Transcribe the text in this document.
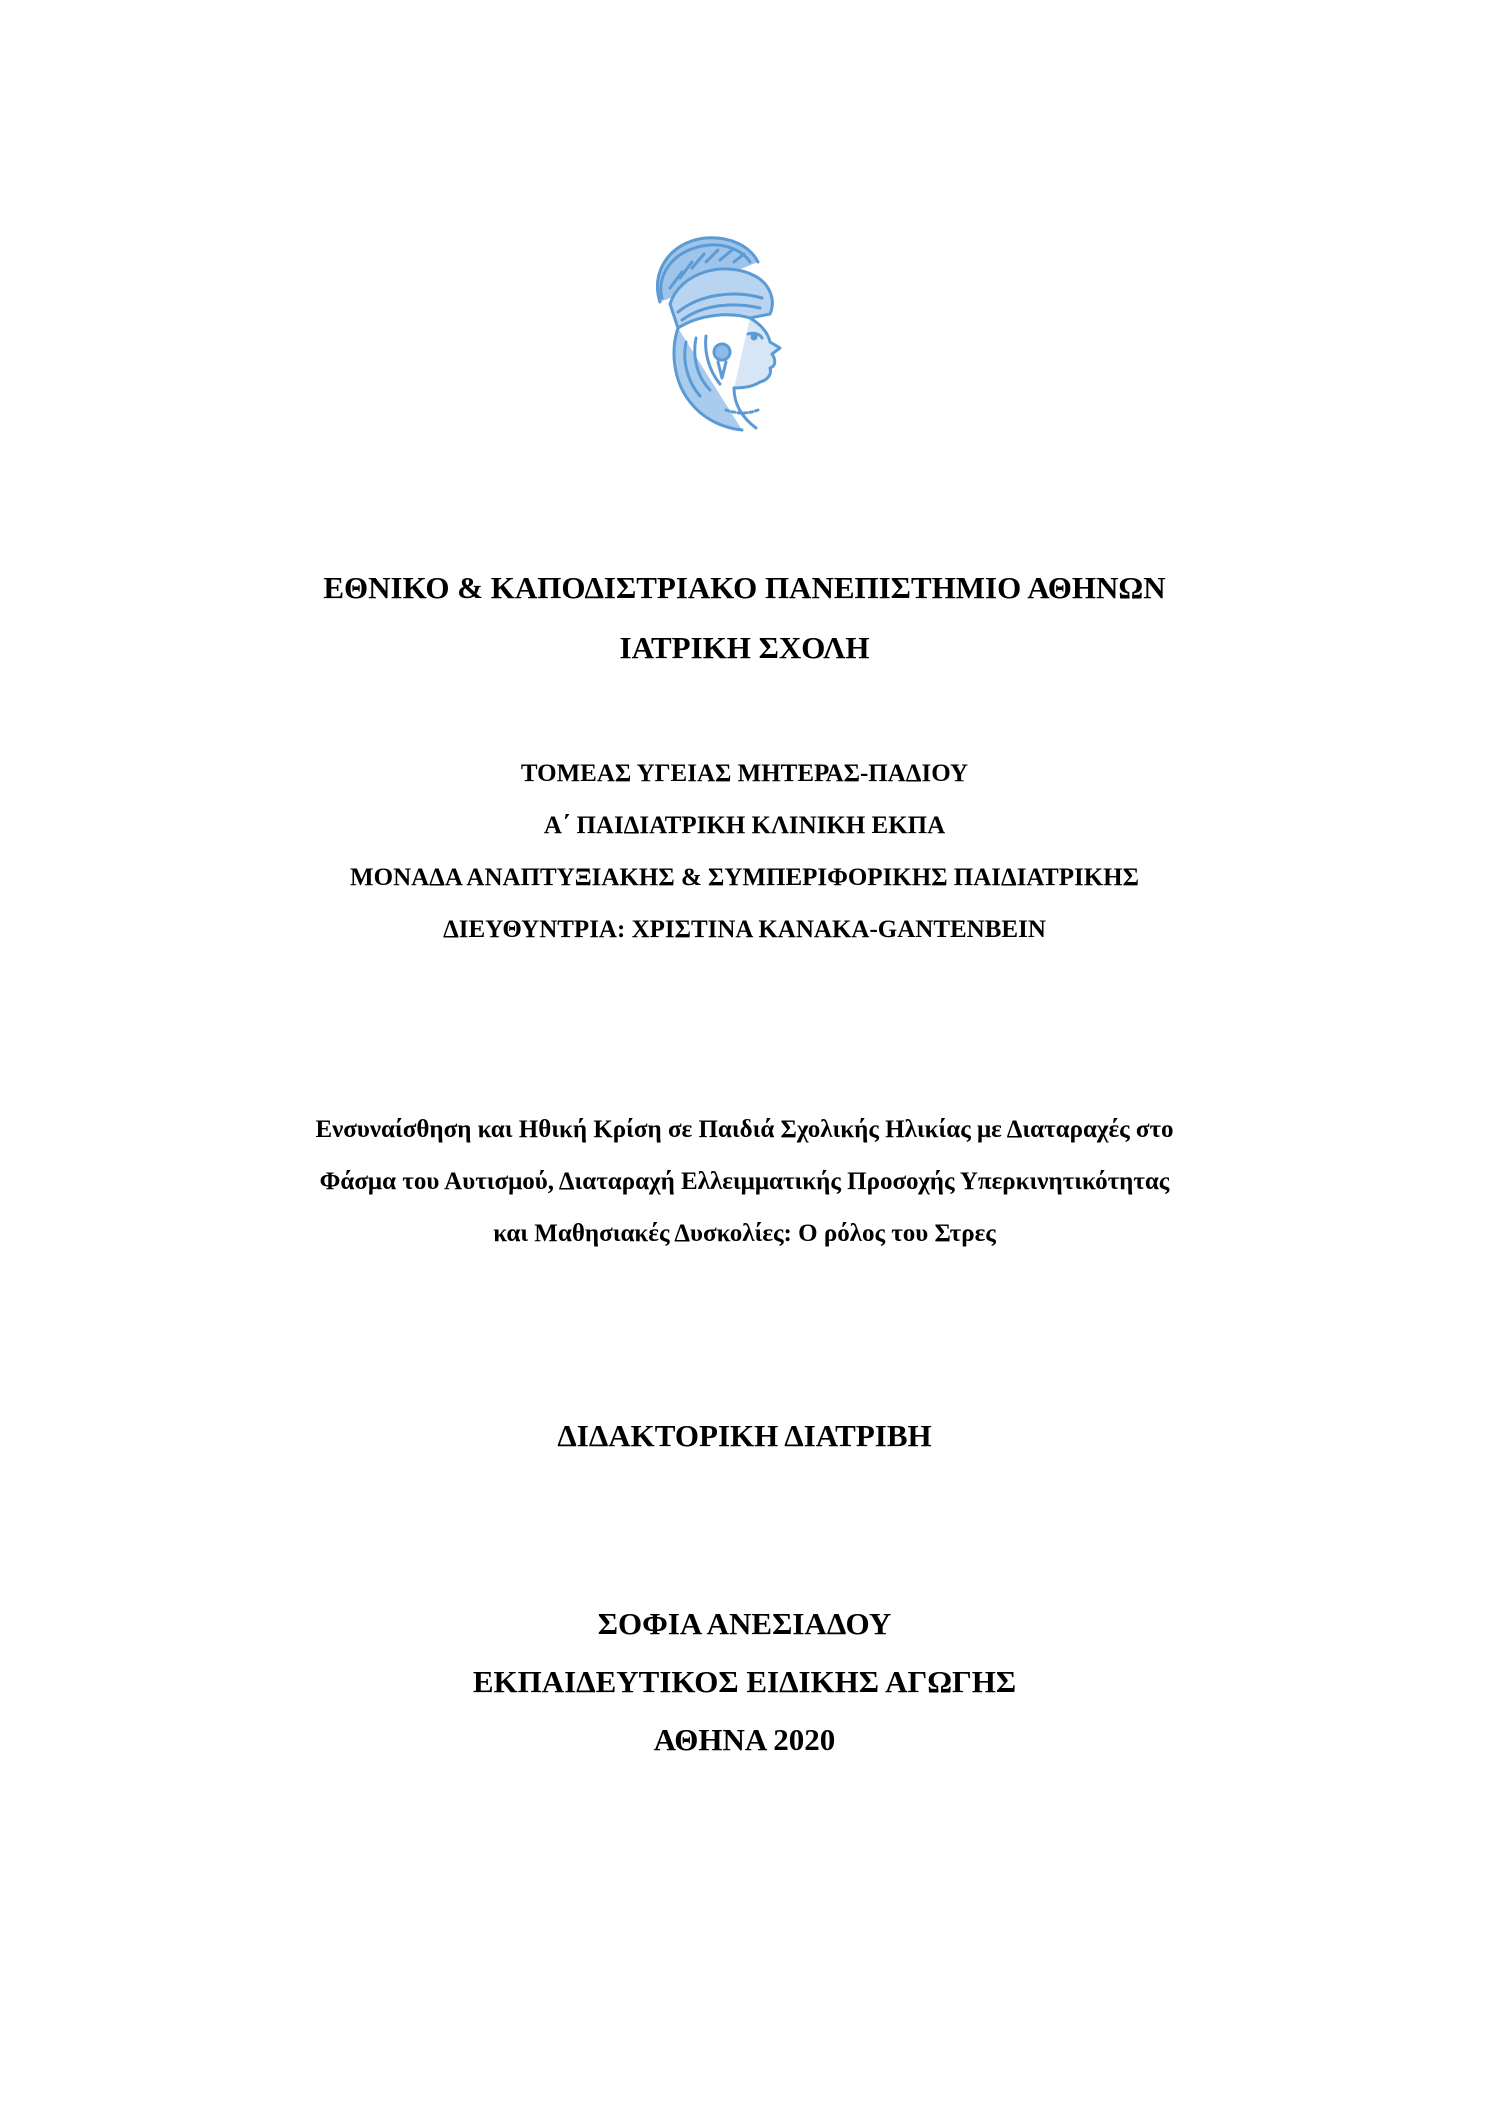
ΕΘΝΙΚΟ & ΚΑΠΟΔΙΣΤΡΙΑΚΟ ΠΑΝΕΠΙΣΤΗΜΙΟ ΑΘΗΝΩΝ
ΙΑΤΡΙΚΗ ΣΧΟΛΗ
ΤΟΜΕΑΣ ΥΓΕΙΑΣ ΜΗΤΕΡΑΣ-ΠΑΔΙΟΥ
Α΄ ΠΑΙΔΙΑΤΡΙΚΗ ΚΛΙΝΙΚΗ ΕΚΠΑ
ΜΟΝΑΔΑ ΑΝΑΠΤΥΞΙΑΚΗΣ & ΣΥΜΠΕΡΙΦΟΡΙΚΗΣ ΠΑΙΔΙΑΤΡΙΚΗΣ
ΔΙΕΥΘΥΝΤΡΙΑ: ΧΡΙΣΤΙΝΑ ΚΑΝΑΚΑ-GANTENBEIN
Ενσυναίσθηση και Ηθική Κρίση σε Παιδιά Σχολικής Ηλικίας με Διαταραχές στο
Φάσμα του Αυτισμού, Διαταραχή Ελλειμματικής Προσοχής Υπερκινητικότητας
και Μαθησιακές Δυσκολίες: Ο ρόλος του Στρες
ΔΙΔΑΚΤΟΡΙΚΗ ΔΙΑΤΡΙΒΗ
ΣΟΦΙΑ ΑΝΕΣΙΑΔΟΥ
ΕΚΠΑΙΔΕΥΤΙΚΟΣ ΕΙΔΙΚΗΣ ΑΓΩΓΗΣ
ΑΘΗΝΑ 2020
